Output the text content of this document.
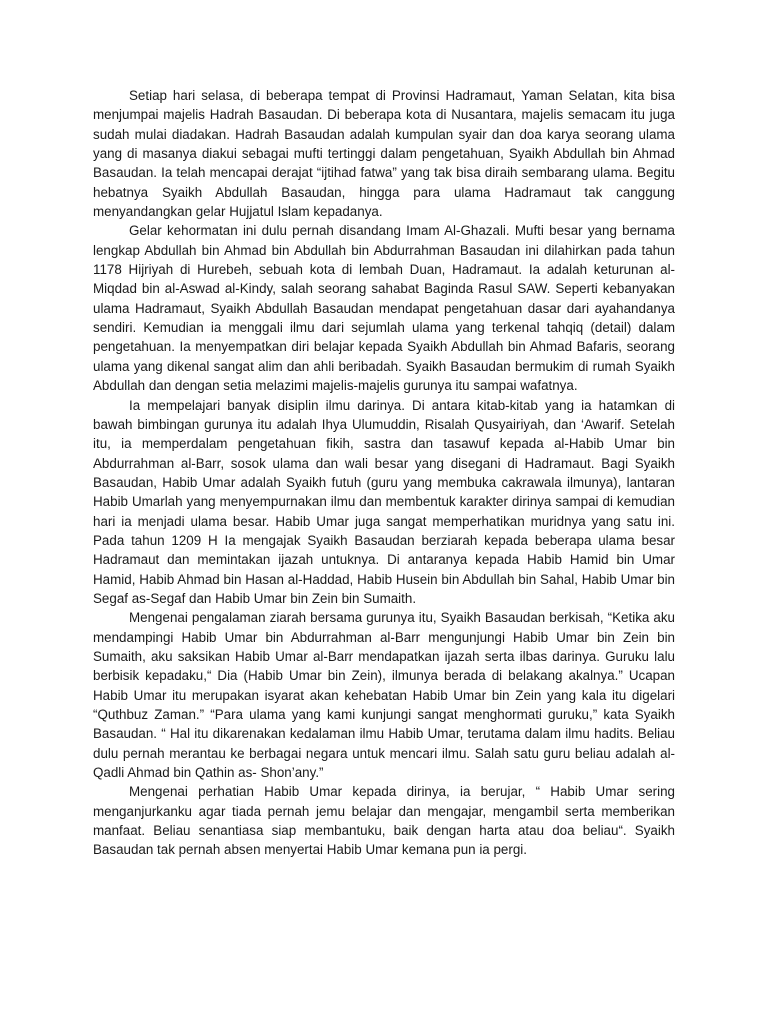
Setiap hari selasa, di beberapa tempat di Provinsi Hadramaut, Yaman Selatan, kita bisa menjumpai majelis Hadrah Basaudan. Di beberapa kota di Nusantara, majelis semacam itu juga sudah mulai diadakan. Hadrah Basaudan adalah kumpulan syair dan doa karya seorang ulama yang di masanya diakui sebagai mufti tertinggi dalam pengetahuan, Syaikh Abdullah bin Ahmad Basaudan. Ia telah mencapai derajat “ijtihad fatwa” yang tak bisa diraih sembarang ulama. Begitu hebatnya Syaikh Abdullah Basaudan, hingga para ulama Hadramaut tak canggung menyandangkan gelar Hujjatul Islam kepadanya.

Gelar kehormatan ini dulu pernah disandang Imam Al-Ghazali. Mufti besar yang bernama lengkap Abdullah bin Ahmad bin Abdullah bin Abdurrahman Basaudan ini dilahirkan pada tahun 1178 Hijriyah di Hurebeh, sebuah kota di lembah Duan, Hadramaut. Ia adalah keturunan al-Miqdad bin al-Aswad al-Kindy, salah seorang sahabat Baginda Rasul SAW. Seperti kebanyakan ulama Hadramaut, Syaikh Abdullah Basaudan mendapat pengetahuan dasar dari ayahandanya sendiri. Kemudian ia menggali ilmu dari sejumlah ulama yang terkenal tahqiq (detail) dalam pengetahuan. Ia menyempatkan diri belajar kepada Syaikh Abdullah bin Ahmad Bafaris, seorang ulama yang dikenal sangat alim dan ahli beribadah. Syaikh Basaudan bermukim di rumah Syaikh Abdullah dan dengan setia melazimi majelis-majelis gurunya itu sampai wafatnya.

Ia mempelajari banyak disiplin ilmu darinya. Di antara kitab-kitab yang ia hatamkan di bawah bimbingan gurunya itu adalah Ihya Ulumuddin, Risalah Qusyairiyah, dan ‘Awarif. Setelah itu, ia memperdalam pengetahuan fikih, sastra dan tasawuf kepada al-Habib Umar bin Abdurrahman al-Barr, sosok ulama dan wali besar yang disegani di Hadramaut. Bagi Syaikh Basaudan, Habib Umar adalah Syaikh futuh (guru yang membuka cakrawala ilmunya), lantaran Habib Umarlah yang menyempurnakan ilmu dan membentuk karakter dirinya sampai di kemudian hari ia menjadi ulama besar. Habib Umar juga sangat memperhatikan muridnya yang satu ini. Pada tahun 1209 H Ia mengajak Syaikh Basaudan berziarah kepada beberapa ulama besar Hadramaut dan memintakan ijazah untuknya. Di antaranya kepada Habib Hamid bin Umar Hamid, Habib Ahmad bin Hasan al-Haddad, Habib Husein bin Abdullah bin Sahal, Habib Umar bin Segaf as-Segaf dan Habib Umar bin Zein bin Sumaith.

Mengenai pengalaman ziarah bersama gurunya itu, Syaikh Basaudan berkisah, “Ketika aku mendampingi Habib Umar bin Abdurrahman al-Barr mengunjungi Habib Umar bin Zein bin Sumaith, aku saksikan Habib Umar al-Barr mendapatkan ijazah serta ilbas darinya. Guruku lalu berbisik kepadaku,“ Dia (Habib Umar bin Zein), ilmunya berada di belakang akalnya.” Ucapan Habib Umar itu merupakan isyarat akan kehebatan Habib Umar bin Zein yang kala itu digelari “Quthbuz Zaman.” “Para ulama yang kami kunjungi sangat menghormati guruku,” kata Syaikh Basaudan. “ Hal itu dikarenakan kedalaman ilmu Habib Umar, terutama dalam ilmu hadits. Beliau dulu pernah merantau ke berbagai negara untuk mencari ilmu. Salah satu guru beliau adalah al-Qadli Ahmad bin Qathin as- Shon’any.”

Mengenai perhatian Habib Umar kepada dirinya, ia berujar, “ Habib Umar sering menganjurkanku agar tiada pernah jemu belajar dan mengajar, mengambil serta memberikan manfaat. Beliau senantiasa siap membantuku, baik dengan harta atau doa beliau“. Syaikh Basaudan tak pernah absen menyertai Habib Umar kemana pun ia pergi.
